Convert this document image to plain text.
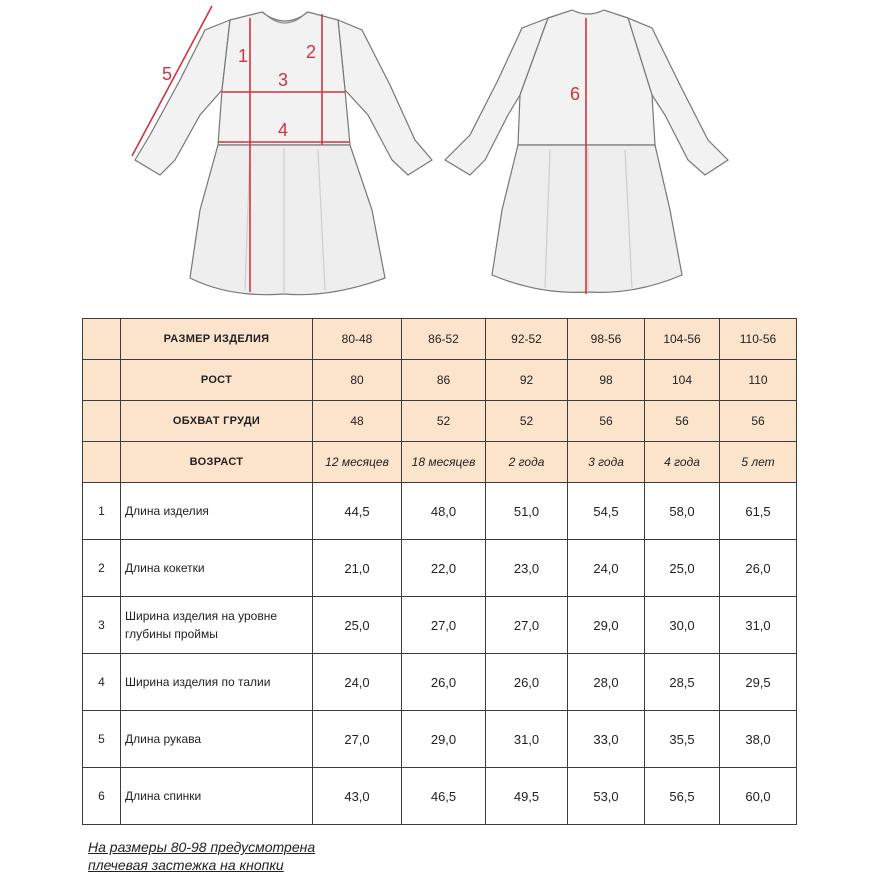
1	2
3
4
5
6
	РАЗМЕР ИЗДЕЛИЯ	80-48	86-52	92-52	98-56	104-56	110-56
	РОСТ	80	86	92	98	104	110
	ОБХВАТ ГРУДИ	48	52	52	56	56	56
	ВОЗРАСТ	12 месяцев	18 месяцев	2 года	3 года	4 года	5 лет
1	Длина изделия	44,5	48,0	51,0	54,5	58,0	61,5
2	Длина кокетки	21,0	22,0	23,0	24,0	25,0	26,0
3	Ширина изделия на уровне глубины проймы	25,0	27,0	27,0	29,0	30,0	31,0
4	Ширина изделия по талии	24,0	26,0	26,0	28,0	28,5	29,5
5	Длина рукава	27,0	29,0	31,0	33,0	35,5	38,0
6	Длина спинки	43,0	46,5	49,5	53,0	56,5	60,0
На размеры 80-98 предусмотрена
плечевая застежка на кнопки
